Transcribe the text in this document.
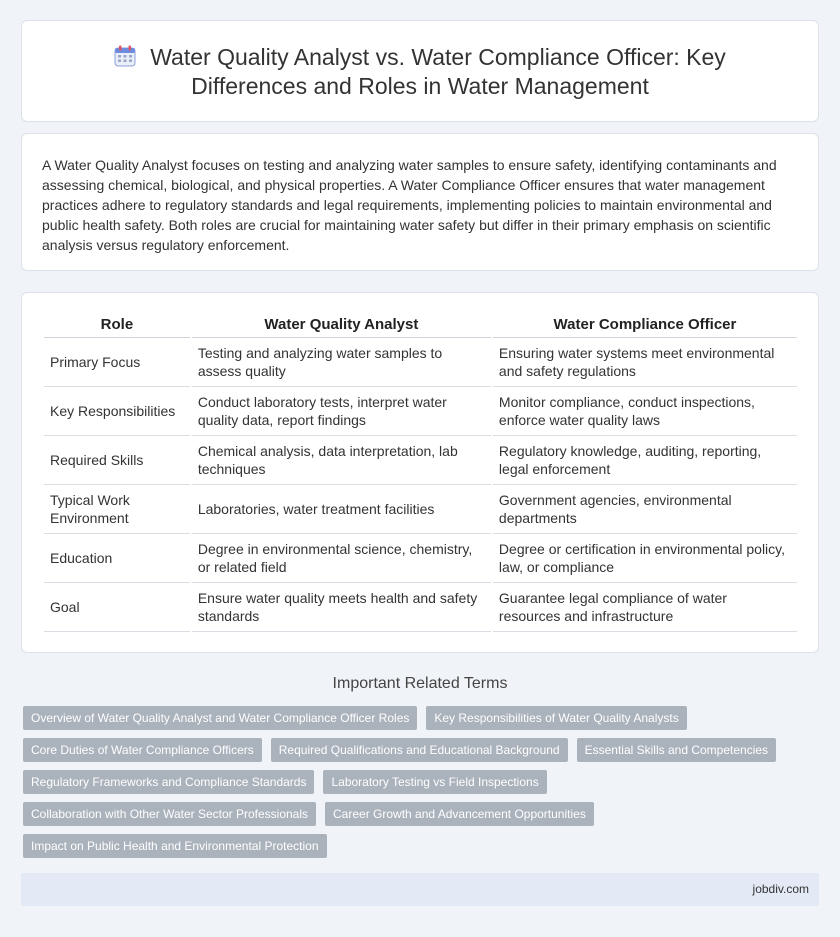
Water Quality Analyst vs. Water Compliance Officer: Key
Differences and Roles in Water Management

A Water Quality Analyst focuses on testing and analyzing water samples to ensure safety, identifying contaminants and assessing chemical, biological, and physical properties. A Water Compliance Officer ensures that water management practices adhere to regulatory standards and legal requirements, implementing policies to maintain environmental and public health safety. Both roles are crucial for maintaining water safety but differ in their primary emphasis on scientific analysis versus regulatory enforcement.

Role	Water Quality Analyst	Water Compliance Officer
Primary Focus	Testing and analyzing water samples to assess quality	Ensuring water systems meet environmental and safety regulations
Key Responsibilities	Conduct laboratory tests, interpret water quality data, report findings	Monitor compliance, conduct inspections, enforce water quality laws
Required Skills	Chemical analysis, data interpretation, lab techniques	Regulatory knowledge, auditing, reporting, legal enforcement
Typical Work Environment	Laboratories, water treatment facilities	Government agencies, environmental departments
Education	Degree in environmental science, chemistry, or related field	Degree or certification in environmental policy, law, or compliance
Goal	Ensure water quality meets health and safety standards	Guarantee legal compliance of water resources and infrastructure
Important Related Terms
Overview of Water Quality Analyst and Water Compliance Officer Roles	Key Responsibilities of Water Quality Analysts
Core Duties of Water Compliance Officers	Required Qualifications and Educational Background	Essential Skills and Competencies
Regulatory Frameworks and Compliance Standards	Laboratory Testing vs Field Inspections
Collaboration with Other Water Sector Professionals	Career Growth and Advancement Opportunities
Impact on Public Health and Environmental Protection
jobdiv.com
